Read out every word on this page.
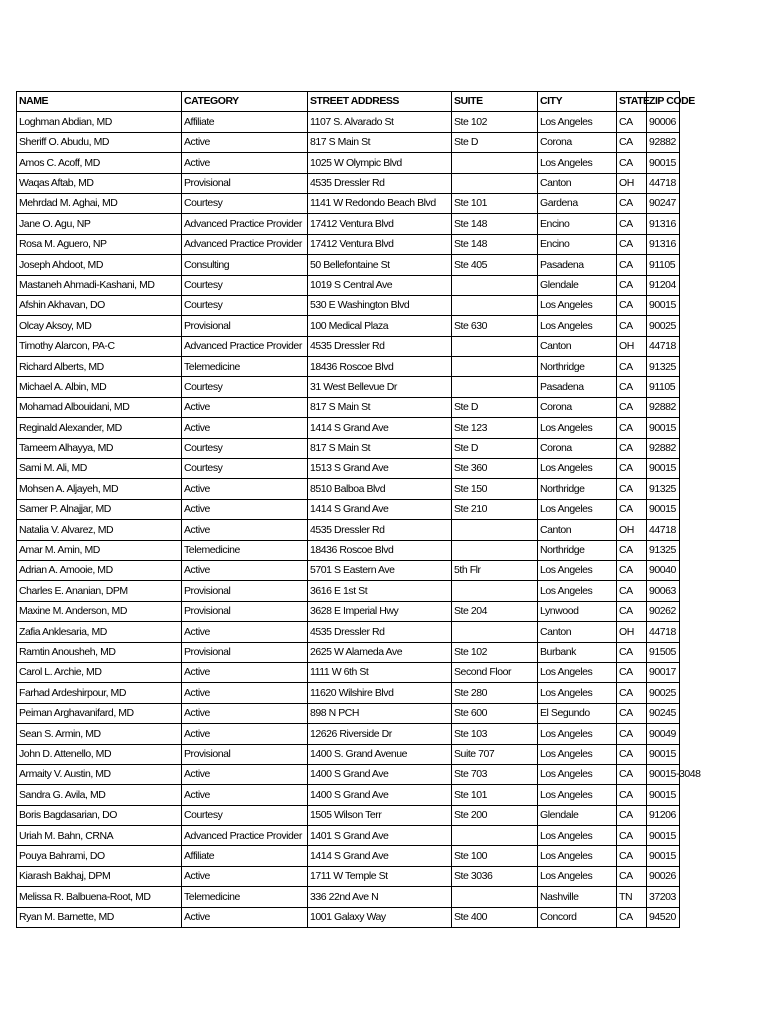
NAME	CATEGORY	STREET ADDRESS	SUITE	CITY	STATE	ZIP CODE
Loghman Abdian, MD	Affiliate	1107 S. Alvarado St	Ste 102	Los Angeles	CA	90006
Sheriff O. Abudu, MD	Active	817 S Main St	Ste D	Corona	CA	92882
Amos C. Acoff, MD	Active	1025 W Olympic Blvd		Los Angeles	CA	90015
Waqas Aftab, MD	Provisional	4535 Dressler Rd		Canton	OH	44718
Mehrdad M. Aghai, MD	Courtesy	1141 W Redondo Beach Blvd	Ste 101	Gardena	CA	90247
Jane O. Agu, NP	Advanced Practice Provider	17412 Ventura Blvd	Ste 148	Encino	CA	91316
Rosa M. Aguero, NP	Advanced Practice Provider	17412 Ventura Blvd	Ste 148	Encino	CA	91316
Joseph Ahdoot, MD	Consulting	50 Bellefontaine St	Ste 405	Pasadena	CA	91105
Mastaneh Ahmadi-Kashani, MD	Courtesy	1019 S Central Ave		Glendale	CA	91204
Afshin Akhavan, DO	Courtesy	530 E Washington Blvd		Los Angeles	CA	90015
Olcay Aksoy, MD	Provisional	100 Medical Plaza	Ste 630	Los Angeles	CA	90025
Timothy Alarcon, PA-C	Advanced Practice Provider	4535 Dressler Rd		Canton	OH	44718
Richard Alberts, MD	Telemedicine	18436 Roscoe Blvd		Northridge	CA	91325
Michael A. Albin, MD	Courtesy	31 West Bellevue Dr		Pasadena	CA	91105
Mohamad Albouidani, MD	Active	817 S Main St	Ste D	Corona	CA	92882
Reginald Alexander, MD	Active	1414 S Grand Ave	Ste 123	Los Angeles	CA	90015
Tameem Alhayya, MD	Courtesy	817 S Main St	Ste D	Corona	CA	92882
Sami M. Ali, MD	Courtesy	1513 S Grand Ave	Ste 360	Los Angeles	CA	90015
Mohsen A. Aljayeh, MD	Active	8510 Balboa Blvd	Ste 150	Northridge	CA	91325
Samer P. Alnajjar, MD	Active	1414 S Grand Ave	Ste 210	Los Angeles	CA	90015
Natalia V. Alvarez, MD	Active	4535 Dressler Rd		Canton	OH	44718
Amar M. Amin, MD	Telemedicine	18436 Roscoe Blvd		Northridge	CA	91325
Adrian A. Amooie, MD	Active	5701 S Eastern Ave	5th Flr	Los Angeles	CA	90040
Charles E. Ananian, DPM	Provisional	3616 E 1st St		Los Angeles	CA	90063
Maxine M. Anderson, MD	Provisional	3628 E Imperial Hwy	Ste 204	Lynwood	CA	90262
Zafia Anklesaria, MD	Active	4535 Dressler Rd		Canton	OH	44718
Ramtin Anousheh, MD	Provisional	2625 W Alameda Ave	Ste 102	Burbank	CA	91505
Carol L. Archie, MD	Active	1111 W 6th St	Second Floor	Los Angeles	CA	90017
Farhad Ardeshirpour, MD	Active	11620 Wilshire Blvd	Ste 280	Los Angeles	CA	90025
Peiman Arghavanifard, MD	Active	898 N PCH	Ste 600	El Segundo	CA	90245
Sean S. Armin, MD	Active	12626 Riverside Dr	Ste 103	Los Angeles	CA	90049
John D. Attenello, MD	Provisional	1400 S. Grand Avenue	Suite 707	Los Angeles	CA	90015
Armaity V. Austin, MD	Active	1400 S Grand Ave	Ste 703	Los Angeles	CA	90015-3048
Sandra G. Avila, MD	Active	1400 S Grand Ave	Ste 101	Los Angeles	CA	90015
Boris Bagdasarian, DO	Courtesy	1505 Wilson Terr	Ste 200	Glendale	CA	91206
Uriah M. Bahn, CRNA	Advanced Practice Provider	1401 S Grand Ave		Los Angeles	CA	90015
Pouya Bahrami, DO	Affiliate	1414 S Grand Ave	Ste 100	Los Angeles	CA	90015
Kiarash Bakhaj, DPM	Active	1711 W Temple St	Ste 3036	Los Angeles	CA	90026
Melissa R. Balbuena-Root, MD	Telemedicine	336 22nd Ave N		Nashville	TN	37203
Ryan M. Barnette, MD	Active	1001 Galaxy Way	Ste 400	Concord	CA	94520
